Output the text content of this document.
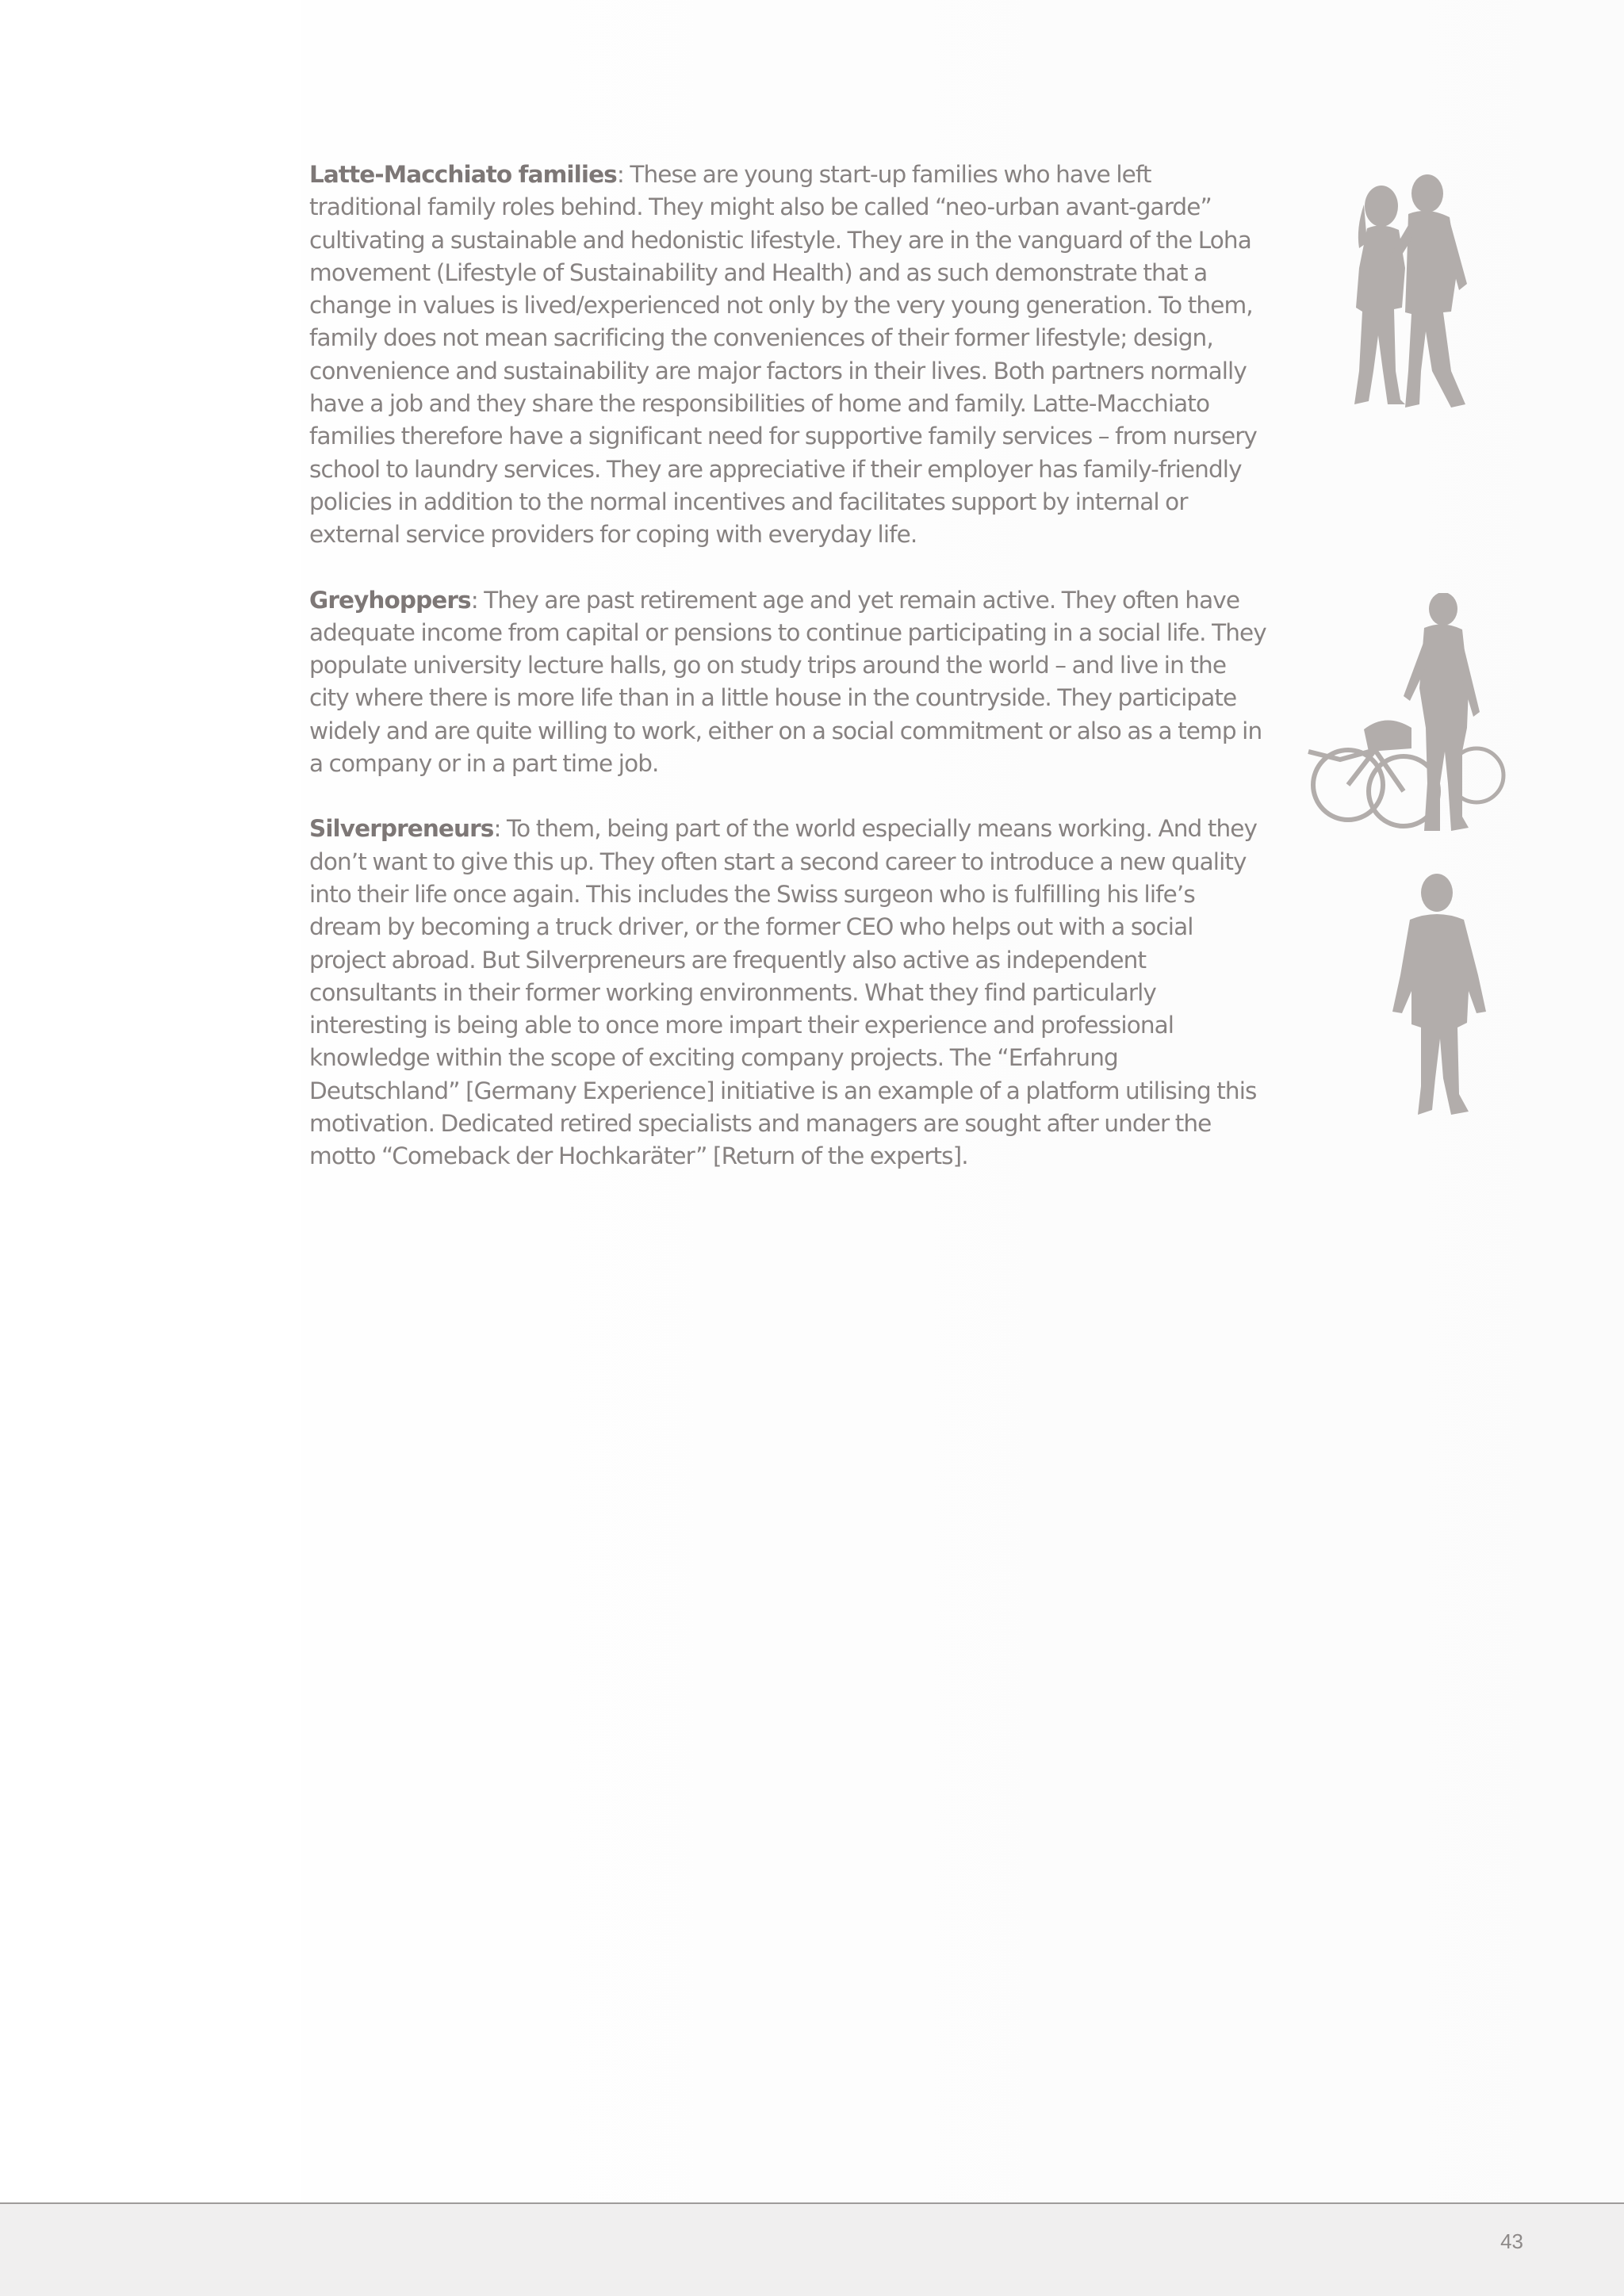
Latte-Macchiato families: These are young start-up families who have left traditional family roles behind. They might also be called “neo-urban avant-garde” cultivating a sustainable and hedonistic lifestyle. They are in the vanguard of the Loha movement (Lifestyle of Sustainability and Health) and as such demonstrate that a change in values is lived/experienced not only by the very young generation. To them, family does not mean sacrificing the conveniences of their former lifestyle; design, convenience and sustainability are major factors in their lives. Both partners normally have a job and they share the responsibilities of home and family. Latte-Macchiato families therefore have a significant need for supportive family services – from nursery school to laundry services. They are appreciative if their employer has family-friendly policies in addition to the normal incentives and facilitates support by internal or external service providers for coping with everyday life.

Greyhoppers: They are past retirement age and yet remain active. They often have adequate income from capital or pensions to continue participating in a social life. They populate university lecture halls, go on study trips around the world – and live in the city where there is more life than in a little house in the countryside. They participate widely and are quite willing to work, either on a social commitment or also as a temp in a company or in a part time job.

Silverpreneurs: To them, being part of the world especially means working. And they don’t want to give this up. They often start a second career to introduce a new quality into their life once again. This includes the Swiss surgeon who is fulfilling his life’s dream by becoming a truck driver, or the former CEO who helps out with a social project abroad. But Silverpreneurs are frequently also active as independent consultants in their former working environments. What they find particularly interesting is being able to once more impart their experience and professional knowledge within the scope of exciting company projects. The “Erfahrung Deutschland” [Germany Experience] initiative is an example of a platform utilising this motivation. Dedicated retired specialists and managers are sought after under the motto “Comeback der Hochkaräter” [Return of the experts].

43
